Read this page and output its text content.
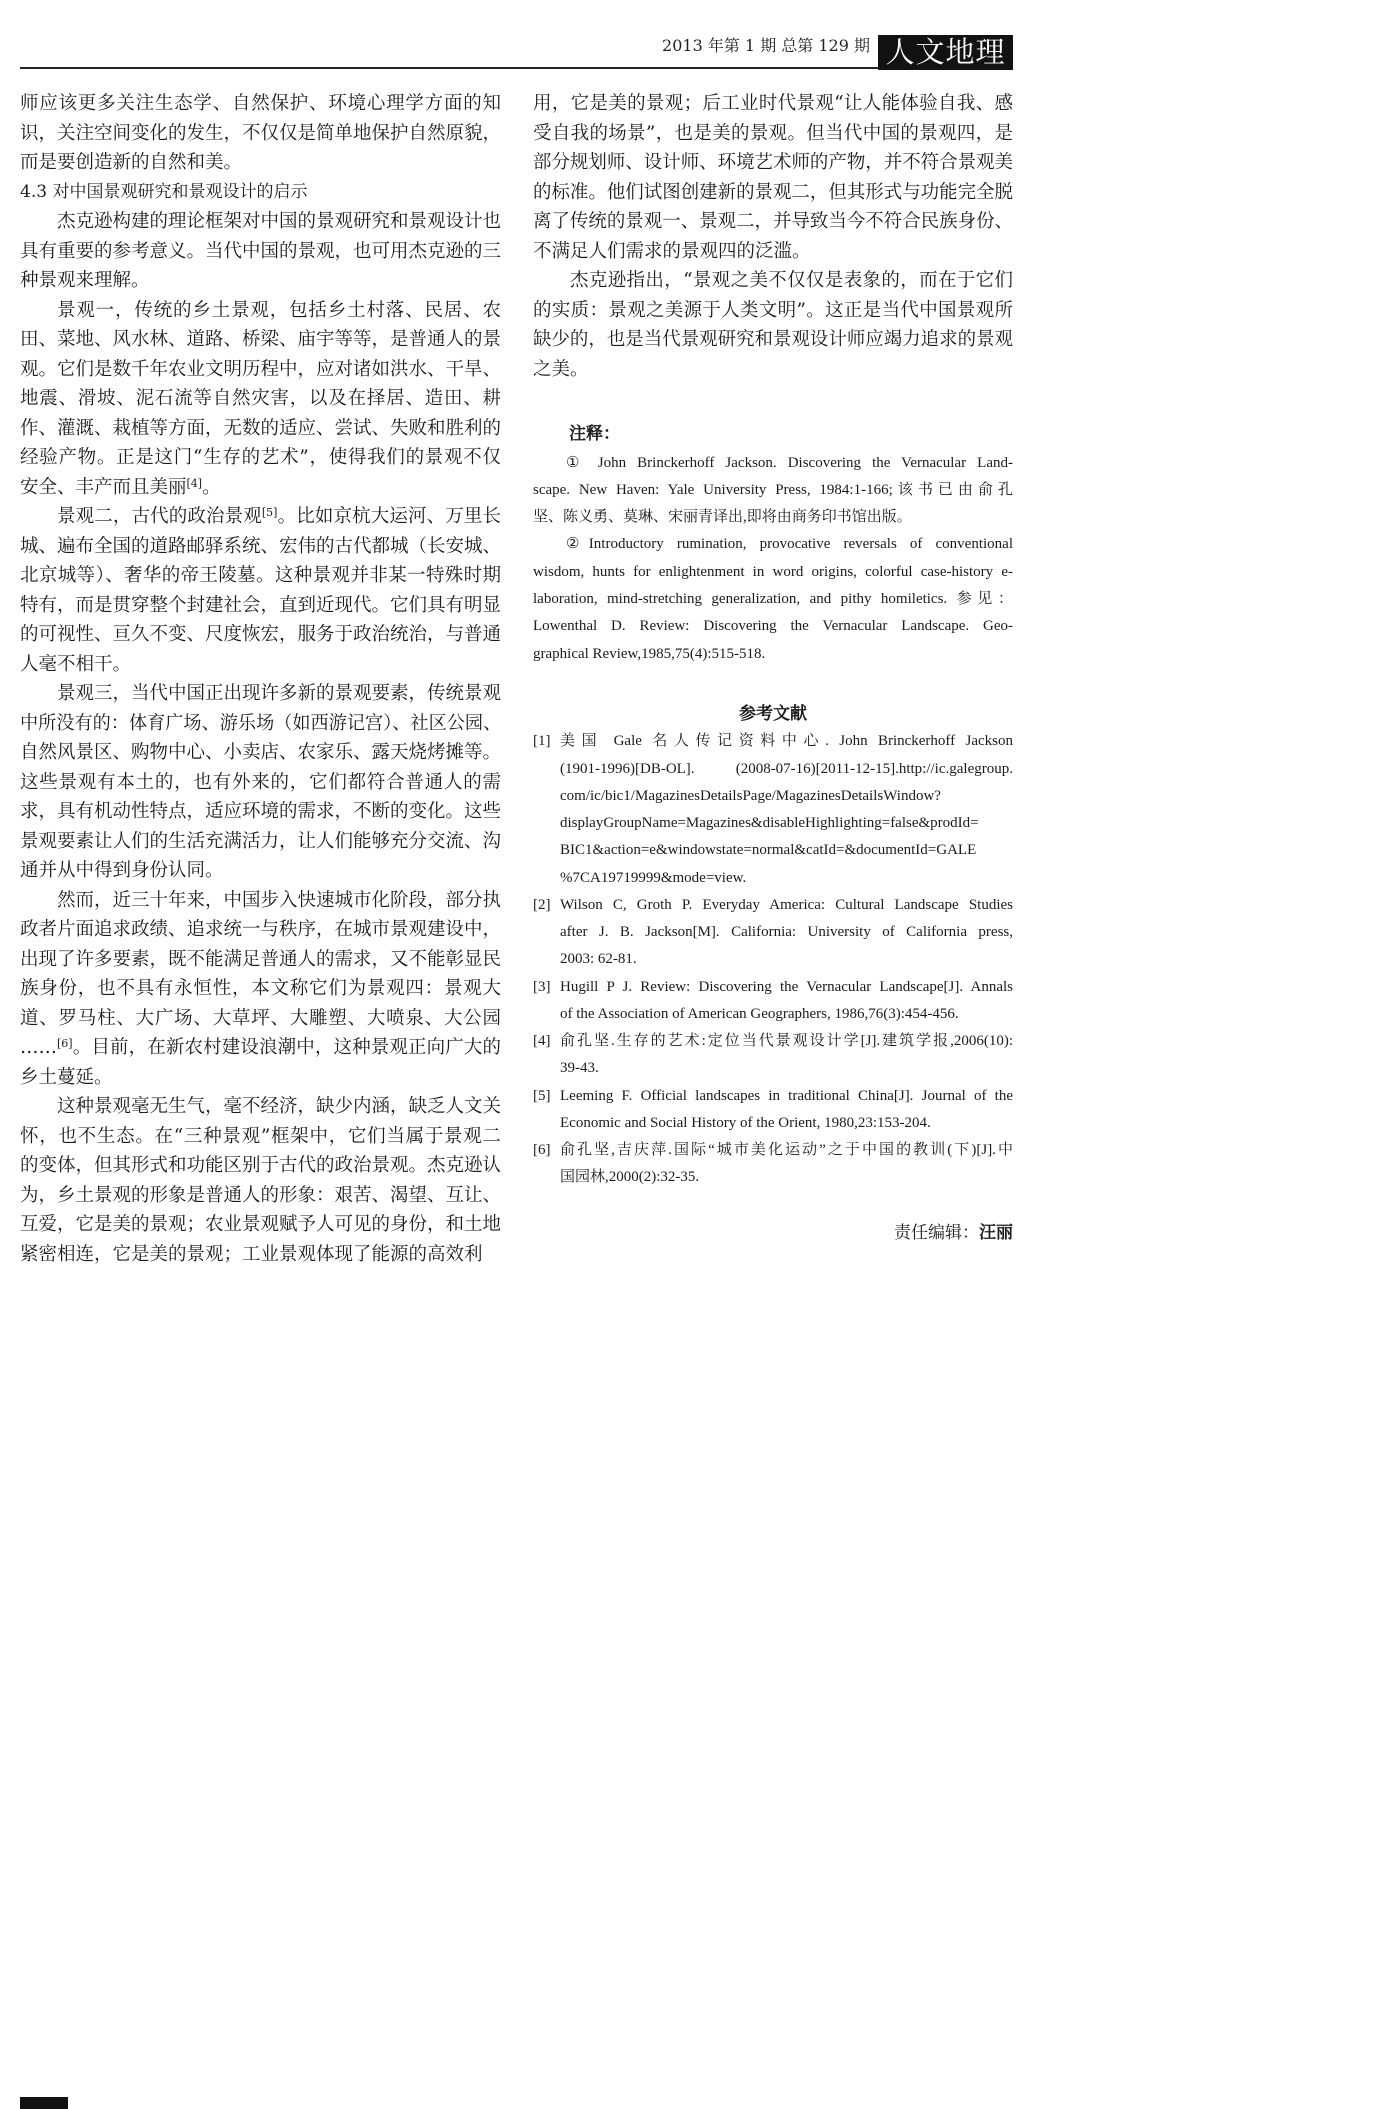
2013 年第 1 期 总第 129 期 人文地理
师应该更多关注生态学、自然保护、环境心理学方面的知
识，关注空间变化的发生，不仅仅是简单地保护自然原貌，
而是要创造新的自然和美。
4.3 对中国景观研究和景观设计的启示
杰克逊构建的理论框架对中国的景观研究和景观设计也
具有重要的参考意义。当代中国的景观，也可用杰克逊的三
种景观来理解。
景观一，传统的乡土景观，包括乡土村落、民居、农
田、菜地、风水林、道路、桥梁、庙宇等等，是普通人的景
观。它们是数千年农业文明历程中，应对诸如洪水、干旱、
地震、滑坡、泥石流等自然灾害，以及在择居、造田、耕
作、灌溉、栽植等方面，无数的适应、尝试、失败和胜利的
经验产物。正是这门“生存的艺术”，使得我们的景观不仅
安全、丰产而且美丽[4]。
景观二，古代的政治景观[5]。比如京杭大运河、万里长
城、遍布全国的道路邮驿系统、宏伟的古代都城（长安城、
北京城等）、奢华的帝王陵墓。这种景观并非某一特殊时期
特有，而是贯穿整个封建社会，直到近现代。它们具有明显
的可视性、亘久不变、尺度恢宏，服务于政治统治，与普通
人毫不相干。
景观三，当代中国正出现许多新的景观要素，传统景观
中所没有的：体育广场、游乐场（如西游记宫）、社区公园、
自然风景区、购物中心、小卖店、农家乐、露天烧烤摊等。
这些景观有本土的，也有外来的，它们都符合普通人的需
求，具有机动性特点，适应环境的需求，不断的变化。这些
景观要素让人们的生活充满活力，让人们能够充分交流、沟
通并从中得到身份认同。
然而，近三十年来，中国步入快速城市化阶段，部分执
政者片面追求政绩、追求统一与秩序，在城市景观建设中，
出现了许多要素，既不能满足普通人的需求，又不能彰显民
族身份，也不具有永恒性，本文称它们为景观四：景观大
道、罗马柱、大广场、大草坪、大雕塑、大喷泉、大公园
……[6]。目前，在新农村建设浪潮中，这种景观正向广大的
乡土蔓延。
这种景观毫无生气，毫不经济，缺少内涵，缺乏人文关
怀，也不生态。在“三种景观”框架中，它们当属于景观二
的变体，但其形式和功能区别于古代的政治景观。杰克逊认
为，乡土景观的形象是普通人的形象：艰苦、渴望、互让、
互爱，它是美的景观；农业景观赋予人可见的身份，和土地
紧密相连，它是美的景观；工业景观体现了能源的高效利
用，它是美的景观；后工业时代景观“让人能体验自我、感
受自我的场景”，也是美的景观。但当代中国的景观四，是
部分规划师、设计师、环境艺术师的产物，并不符合景观美
的标准。他们试图创建新的景观二，但其形式与功能完全脱
离了传统的景观一、景观二，并导致当今不符合民族身份、
不满足人们需求的景观四的泛滥。
杰克逊指出，“景观之美不仅仅是表象的，而在于它们
的实质：景观之美源于人类文明”。这正是当代中国景观所
缺少的，也是当代景观研究和景观设计师应竭力追求的景观
之美。
注释：
① John Brinckerhoff Jackson. Discovering the Vernacular Land-
scape. New Haven: Yale University Press, 1984:1-166;该书已由俞孔
坚、陈义勇、莫琳、宋丽青译出,即将由商务印书馆出版。
②Introductory rumination, provocative reversals of conventional
wisdom, hunts for enlightenment in word origins, colorful case-history e-
laboration, mind-stretching generalization, and pithy homiletics. 参见：
Lowenthal D. Review: Discovering the Vernacular Landscape. Geo-
graphical Review,1985,75(4):515-518.
参考文献
[1] 美国 Gale 名人传记资料中心. John Brinckerhoff Jackson
(1901-1996)[DB-OL]. (2008-07-16)[2011-12-15].http://ic.galegroup.
com/ic/bic1/MagazinesDetailsPage/MagazinesDetailsWindow?
displayGroupName=Magazines&disableHighlighting=false&prodId=
BIC1&action=e&windowstate=normal&catId=&documentId=GALE
%7CA19719999&mode=view.
[2] Wilson C, Groth P. Everyday America: Cultural Landscape Studies
after J. B. Jackson[M]. California: University of California press,
2003: 62-81.
[3] Hugill P J. Review: Discovering the Vernacular Landscape[J]. Annals
of the Association of American Geographers, 1986,76(3):454-456.
[4] 俞孔坚.生存的艺术:定位当代景观设计学[J].建筑学报,2006(10):
39-43.
[5] Leeming F. Official landscapes in traditional China[J]. Journal of the
Economic and Social History of the Orient, 1980,23:153-204.
[6] 俞孔坚,吉庆萍.国际“城市美化运动”之于中国的教训(下)[J].中
国园林,2000(2):32-35.
责任编辑：汪丽
